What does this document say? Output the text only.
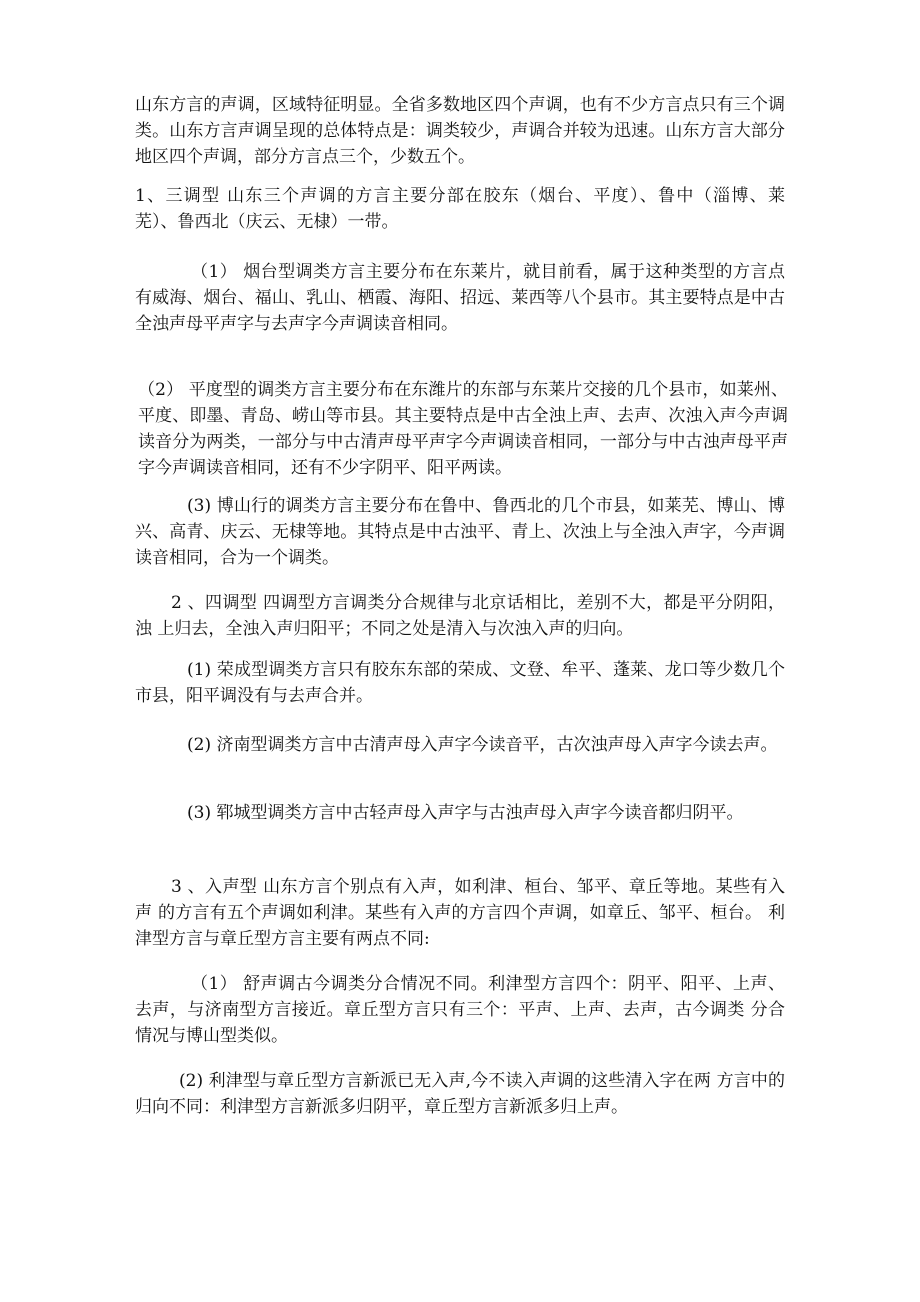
山东方言的声调，区域特征明显。全省多数地区四个声调，也有不少方言点只有三个调类。山东方言声调呈现的总体特点是：调类较少，声调合并较为迅速。山东方言大部分地区四个声调，部分方言点三个，少数五个。

1、三调型 山东三个声调的方言主要分部在胶东（烟台、平度）、鲁中（淄博、莱 芜）、鲁西北（庆云、无棣）一带。

（1） 烟台型调类方言主要分布在东莱片，就目前看，属于这种类型的方言点有威海、烟台、福山、乳山、栖霞、海阳、招远、莱西等八个县市。其主要特点是中古全浊声母平声字与去声字今声调读音相同。

（2） 平度型的调类方言主要分布在东潍片的东部与东莱片交接的几个县市，如莱州、平度、即墨、青岛、崂山等市县。其主要特点是中古全浊上声、去声、次浊入声今声调读音分为两类，一部分与中古清声母平声字今声调读音相同，一部分与中古浊声母平声字今声调读音相同，还有不少字阴平、阳平两读。

(3) 博山行的调类方言主要分布在鲁中、鲁西北的几个市县，如莱芜、博山、博兴、高青、庆云、无棣等地。其特点是中古浊平、青上、次浊上与全浊入声字，今声调读音相同，合为一个调类。

2 、四调型 四调型方言调类分合规律与北京话相比，差别不大，都是平分阴阳，浊 上归去，全浊入声归阳平；不同之处是清入与次浊入声的归向。

(1) 荣成型调类方言只有胶东东部的荣成、文登、牟平、蓬莱、龙口等少数几个市县，阳平调没有与去声合并。

(2) 济南型调类方言中古清声母入声字今读音平，古次浊声母入声字今读去声。

(3) 郓城型调类方言中古轻声母入声字与古浊声母入声字今读音都归阴平。

3 、入声型 山东方言个别点有入声，如利津、桓台、邹平、章丘等地。某些有入声 的方言有五个声调如利津。某些有入声的方言四个声调，如章丘、邹平、桓台。 利津型方言与章丘型方言主要有两点不同:

（1） 舒声调古今调类分合情况不同。利津型方言四个：阴平、阳平、上声、 去声，与济南型方言接近。章丘型方言只有三个：平声、上声、去声，古今调类 分合情况与博山型类似。

(2) 利津型与章丘型方言新派已无入声,今不读入声调的这些清入字在两 方言中的归向不同：利津型方言新派多归阴平，章丘型方言新派多归上声。
